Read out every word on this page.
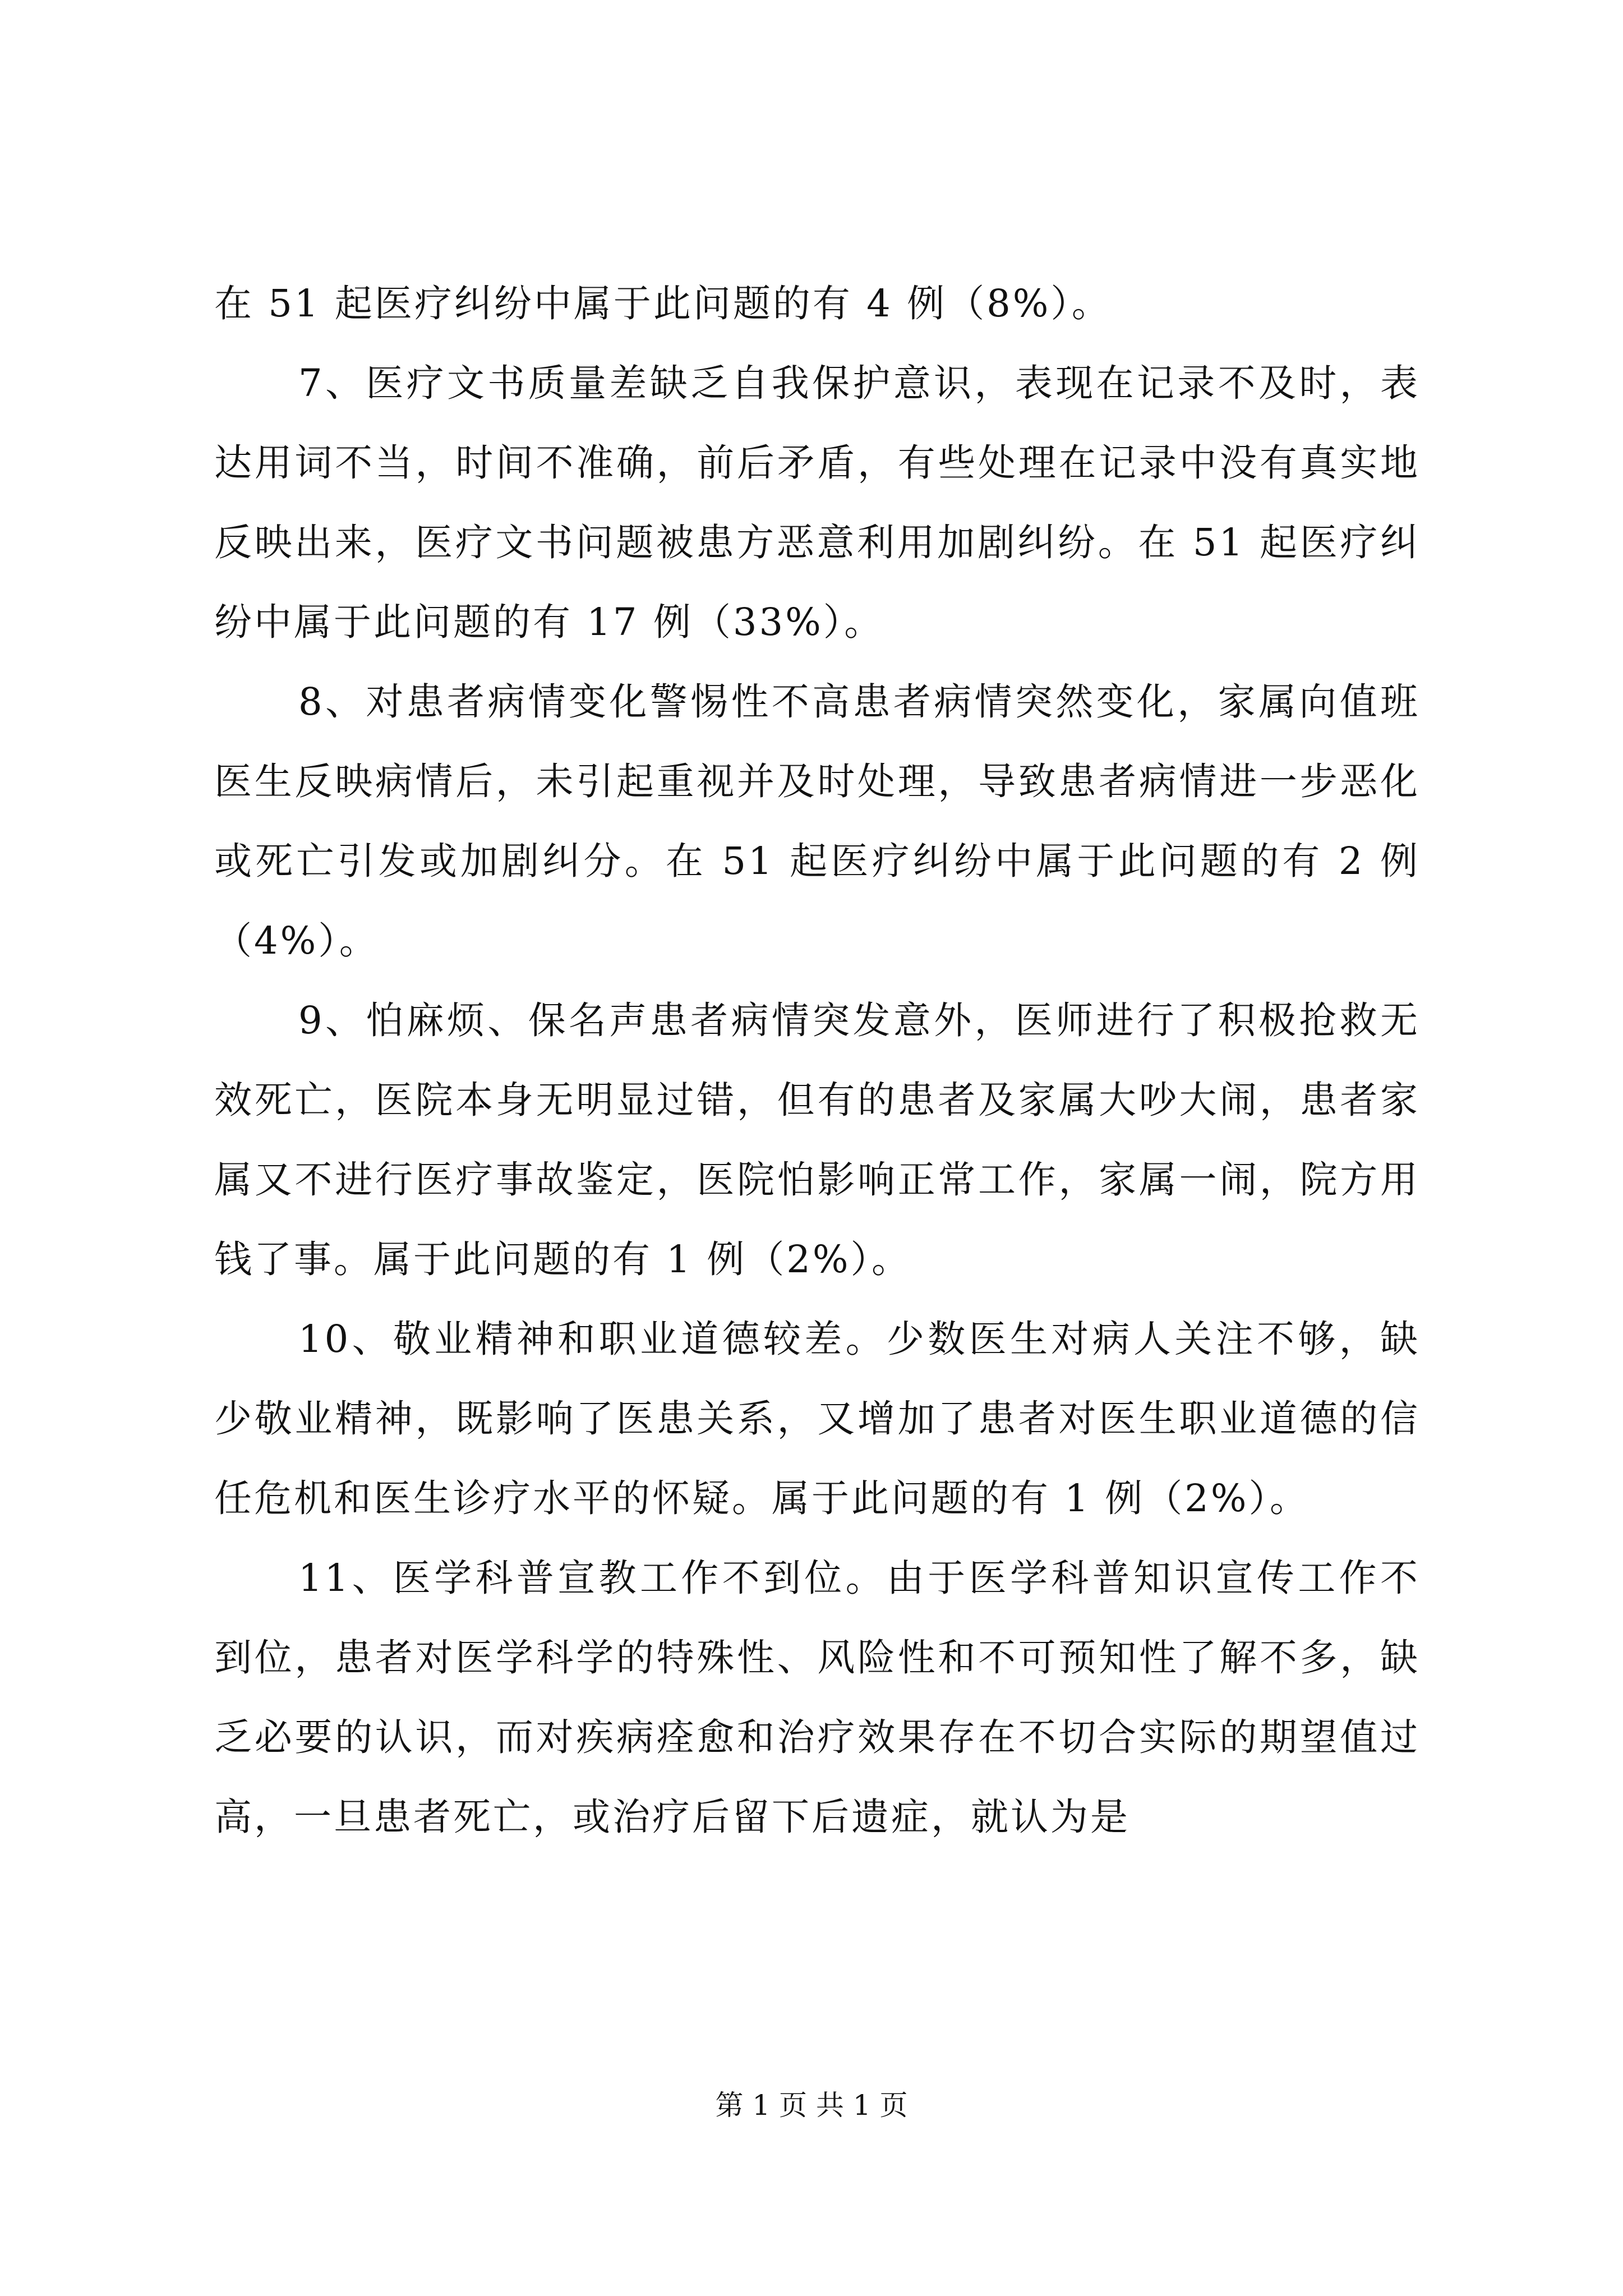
在 51 起医疗纠纷中属于此问题的有 4 例（8%）。

7、医疗文书质量差缺乏自我保护意识，表现在记录不及时，表达用词不当，时间不准确，前后矛盾，有些处理在记录中没有真实地反映出来，医疗文书问题被患方恶意利用加剧纠纷。在 51 起医疗纠纷中属于此问题的有 17 例（33%）。

8、对患者病情变化警惕性不高患者病情突然变化，家属向值班医生反映病情后，未引起重视并及时处理，导致患者病情进一步恶化或死亡引发或加剧纠分。在 51 起医疗纠纷中属于此问题的有 2 例（4%）。

9、怕麻烦、保名声患者病情突发意外，医师进行了积极抢救无效死亡，医院本身无明显过错，但有的患者及家属大吵大闹，患者家属又不进行医疗事故鉴定，医院怕影响正常工作，家属一闹，院方用钱了事。属于此问题的有 1 例（2%）。

10、敬业精神和职业道德较差。少数医生对病人关注不够，缺少敬业精神，既影响了医患关系，又增加了患者对医生职业道德的信任危机和医生诊疗水平的怀疑。属于此问题的有 1 例（2%）。

11、医学科普宣教工作不到位。由于医学科普知识宣传工作不到位，患者对医学科学的特殊性、风险性和不可预知性了解不多，缺乏必要的认识，而对疾病痊愈和治疗效果存在不切合实际的期望值过高，一旦患者死亡，或治疗后留下后遗症，就认为是

第 1 页 共 1 页
